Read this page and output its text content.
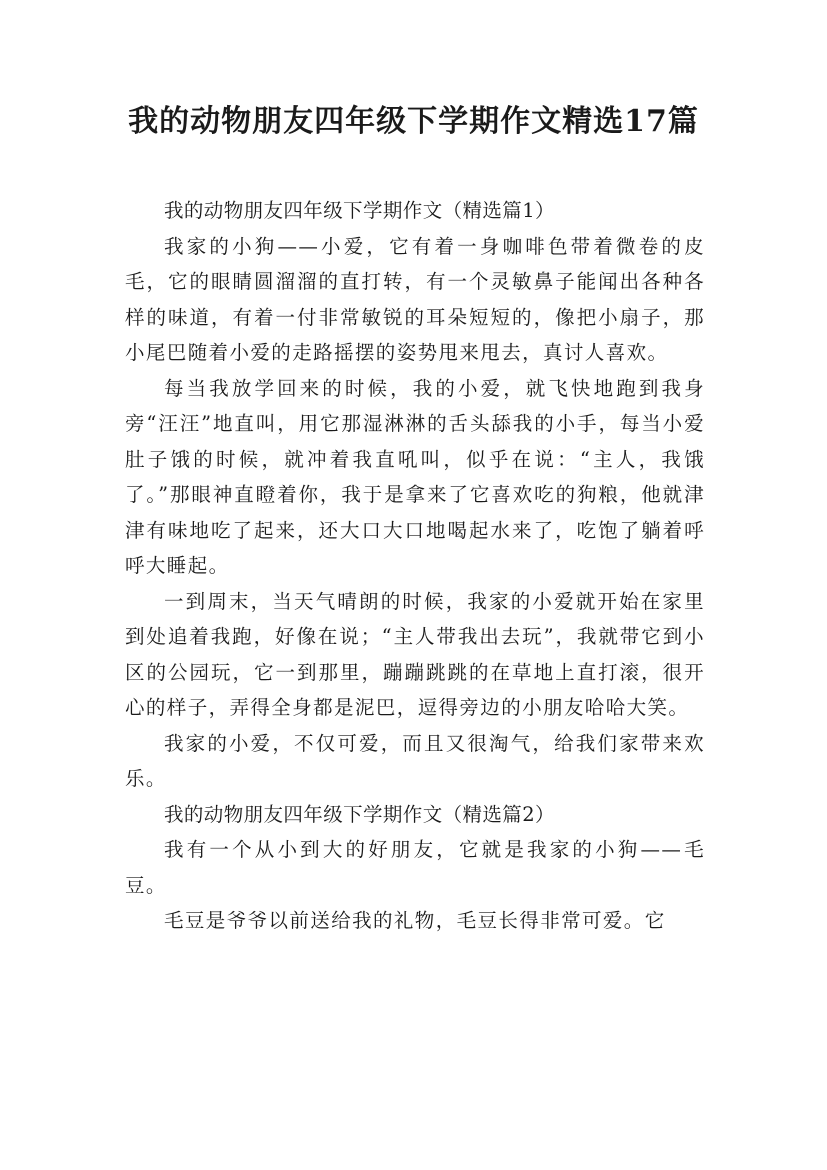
我的动物朋友四年级下学期作文精选17篇

我的动物朋友四年级下学期作文（精选篇1）

我家的小狗——小爱，它有着一身咖啡色带着微卷的皮毛，它的眼睛圆溜溜的直打转，有一个灵敏鼻子能闻出各种各样的味道，有着一付非常敏锐的耳朵短短的，像把小扇子，那小尾巴随着小爱的走路摇摆的姿势甩来甩去，真讨人喜欢。

每当我放学回来的时候，我的小爱，就飞快地跑到我身旁“汪汪”地直叫，用它那湿淋淋的舌头舔我的小手，每当小爱肚子饿的时候，就冲着我直吼叫，似乎在说：“主人，我饿了。”那眼神直瞪着你，我于是拿来了它喜欢吃的狗粮，他就津津有味地吃了起来，还大口大口地喝起水来了，吃饱了躺着呼呼大睡起。

一到周末，当天气晴朗的时候，我家的小爱就开始在家里到处追着我跑，好像在说；“主人带我出去玩”，我就带它到小区的公园玩，它一到那里，蹦蹦跳跳的在草地上直打滚，很开心的样子，弄得全身都是泥巴，逗得旁边的小朋友哈哈大笑。

我家的小爱，不仅可爱，而且又很淘气，给我们家带来欢乐。

我的动物朋友四年级下学期作文（精选篇2）

我有一个从小到大的好朋友，它就是我家的小狗——毛豆。

毛豆是爷爷以前送给我的礼物，毛豆长得非常可爱。它
